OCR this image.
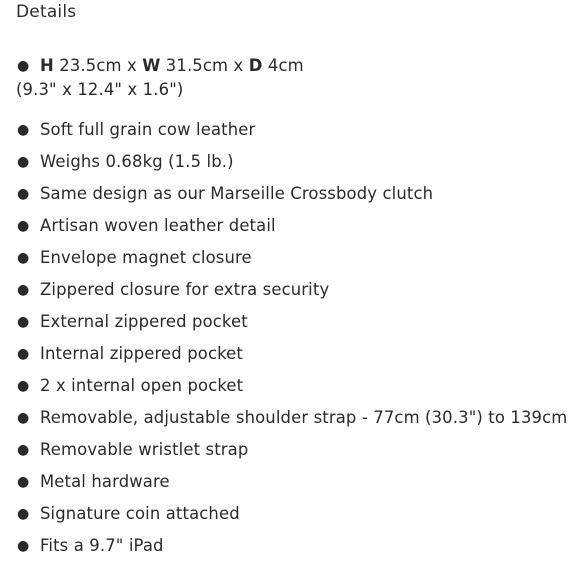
Details
● H 23.5cm x W 31.5cm x D 4cm
(9.3" x 12.4" x 1.6")
● Soft full grain cow leather
● Weighs 0.68kg (1.5 lb.)
● Same design as our Marseille Crossbody clutch
● Artisan woven leather detail
● Envelope magnet closure
● Zippered closure for extra security
● External zippered pocket
● Internal zippered pocket
● 2 x internal open pocket
● Removable, adjustable shoulder strap - 77cm (30.3") to 139cm
● Removable wristlet strap
● Metal hardware
● Signature coin attached
● Fits a 9.7" iPad
